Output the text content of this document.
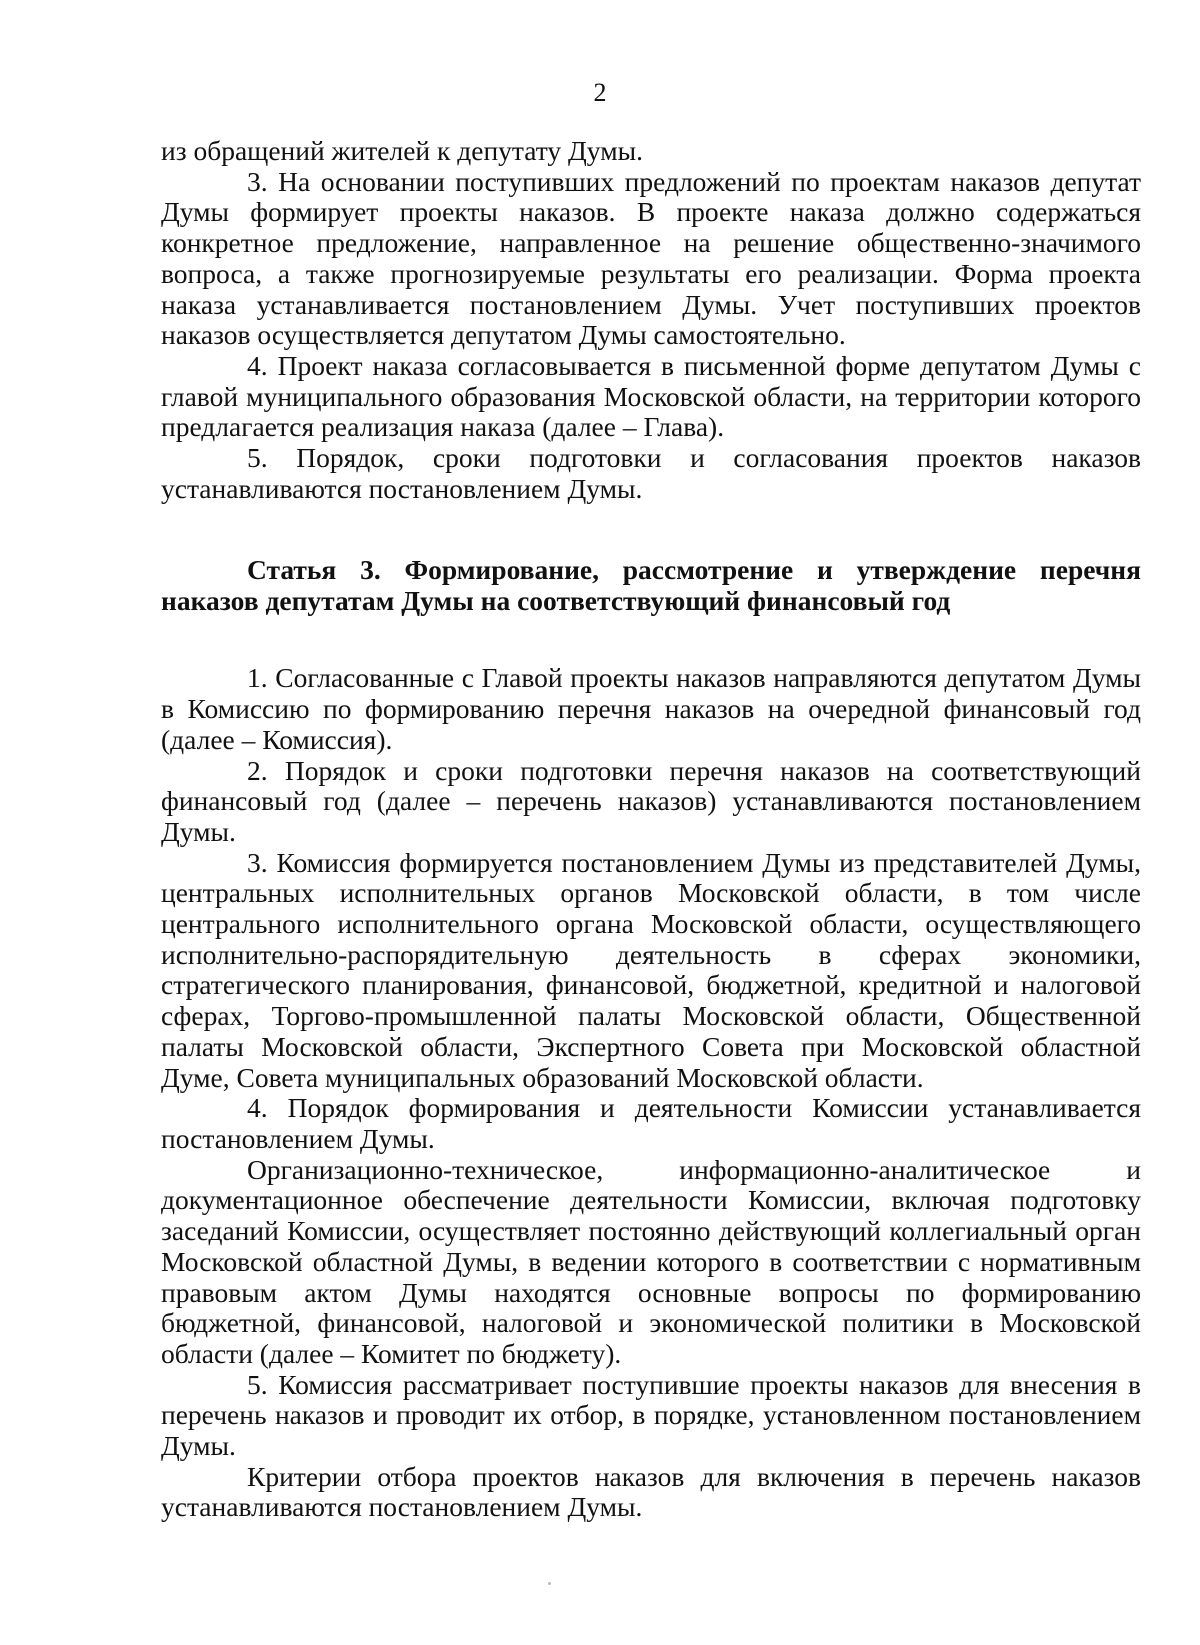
2

из обращений жителей к депутату Думы.

3. На основании поступивших предложений по проектам наказов депутат Думы формирует проекты наказов. В проекте наказа должно содержаться конкретное предложение, направленное на решение общественно-значимого вопроса, а также прогнозируемые результаты его реализации. Форма проекта наказа устанавливается постановлением Думы. Учет поступивших проектов наказов осуществляется депутатом Думы самостоятельно.

4. Проект наказа согласовывается в письменной форме депутатом Думы с главой муниципального образования Московской области, на территории которого предлагается реализация наказа (далее – Глава).

5. Порядок, сроки подготовки и согласования проектов наказов устанавливаются постановлением Думы.

Статья 3. Формирование, рассмотрение и утверждение перечня наказов депутатам Думы на соответствующий финансовый год

1. Согласованные с Главой проекты наказов направляются депутатом Думы в Комиссию по формированию перечня наказов на очередной финансовый год (далее – Комиссия).

2. Порядок и сроки подготовки перечня наказов на соответствующий финансовый год (далее – перечень наказов) устанавливаются постановлением Думы.

3. Комиссия формируется постановлением Думы из представителей Думы, центральных исполнительных органов Московской области, в том числе центрального исполнительного органа Московской области, осуществляющего исполнительно-распорядительную деятельность в сферах экономики, стратегического планирования, финансовой, бюджетной, кредитной и налоговой сферах, Торгово-промышленной палаты Московской области, Общественной палаты Московской области, Экспертного Совета при Московской областной Думе, Совета муниципальных образований Московской области.

4. Порядок формирования и деятельности Комиссии устанавливается постановлением Думы.

Организационно-техническое, информационно-аналитическое и документационное обеспечение деятельности Комиссии, включая подготовку заседаний Комиссии, осуществляет постоянно действующий коллегиальный орган Московской областной Думы, в ведении которого в соответствии с нормативным правовым актом Думы находятся основные вопросы по формированию бюджетной, финансовой, налоговой и экономической политики в Московской области (далее – Комитет по бюджету).

5. Комиссия рассматривает поступившие проекты наказов для внесения в перечень наказов и проводит их отбор, в порядке, установленном постановлением Думы.

Критерии отбора проектов наказов для включения в перечень наказов устанавливаются постановлением Думы.
